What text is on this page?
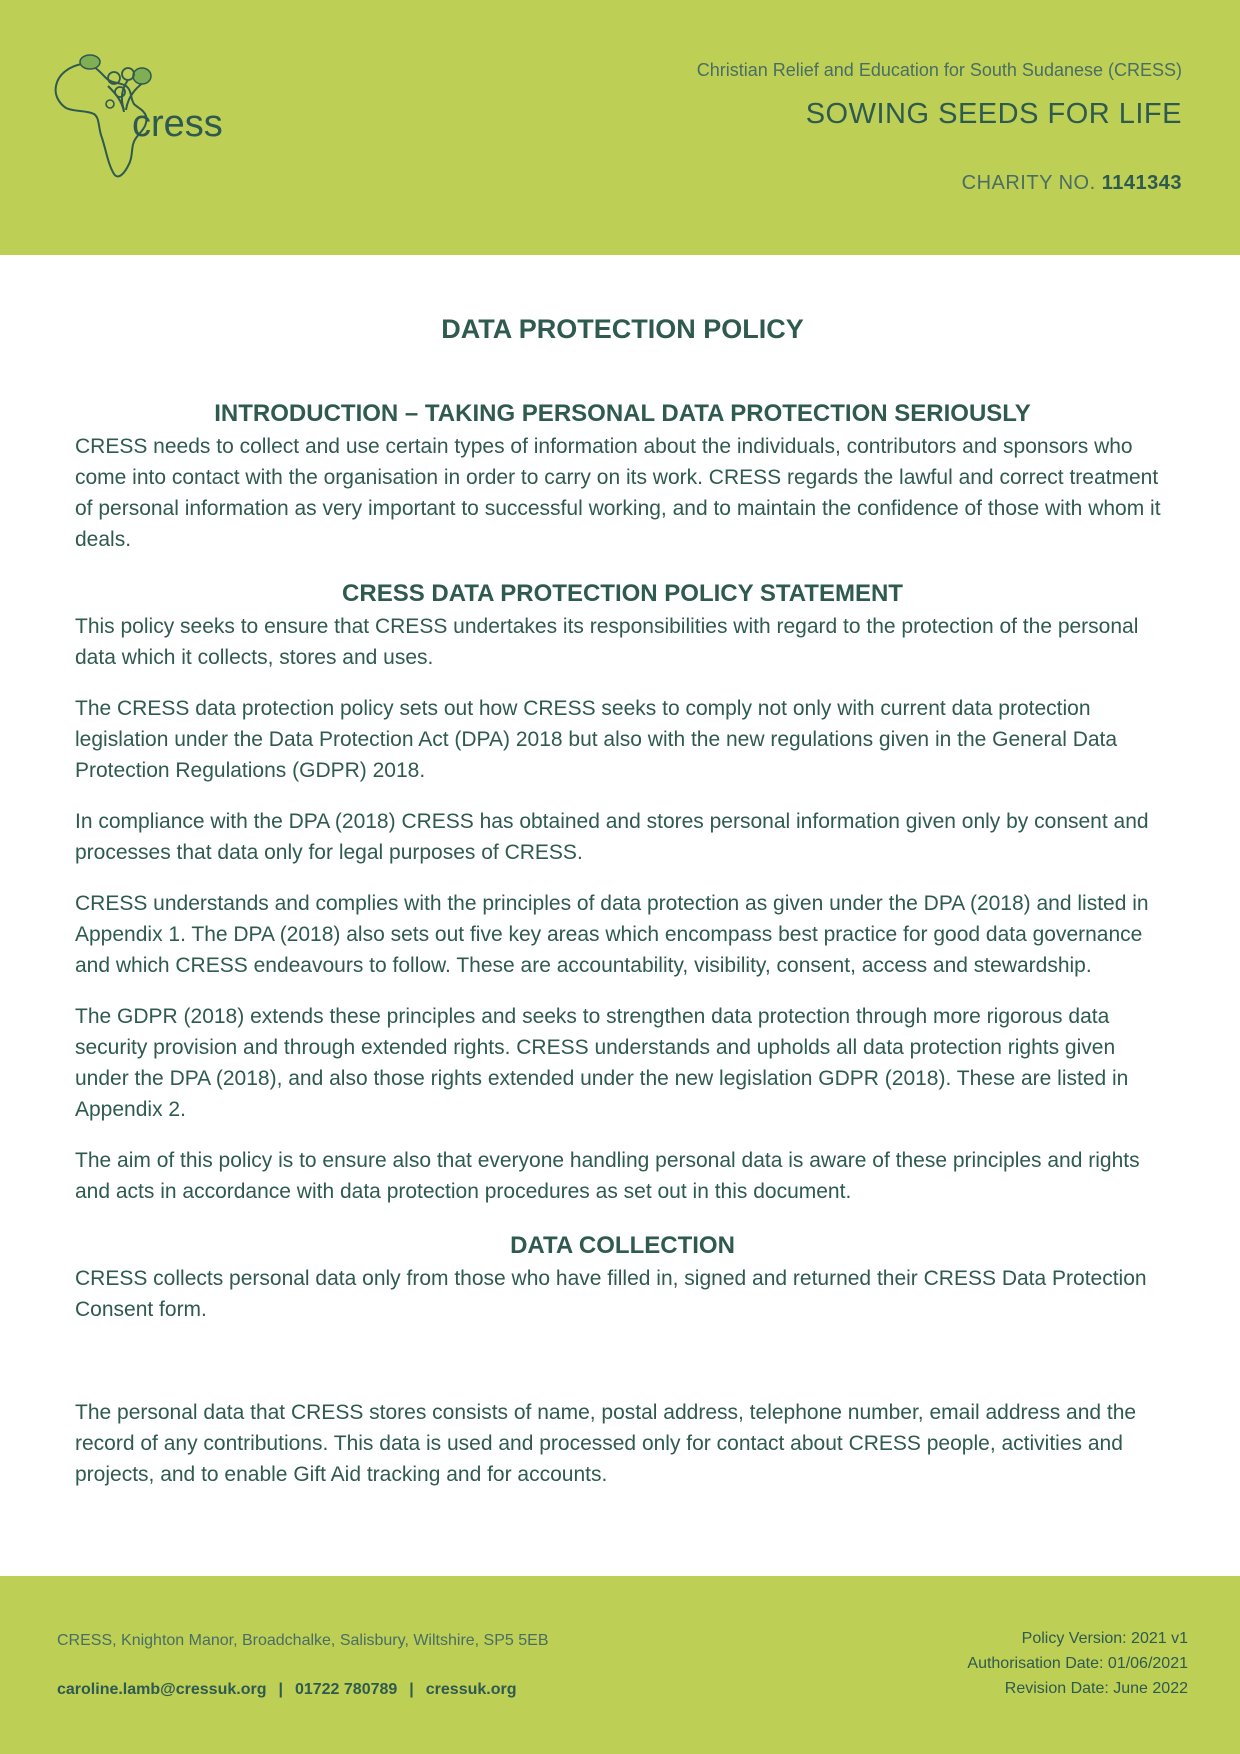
cress
Christian Relief and Education for South Sudanese (CRESS)
SOWING SEEDS FOR LIFE
CHARITY NO. 1141343
DATA PROTECTION POLICY
INTRODUCTION – TAKING PERSONAL DATA PROTECTION SERIOUSLY

CRESS needs to collect and use certain types of information about the individuals, contributors and sponsors who come into contact with the organisation in order to carry on its work. CRESS regards the lawful and correct treatment of personal information as very important to successful working, and to maintain the confidence of those with whom it deals.

CRESS DATA PROTECTION POLICY STATEMENT

This policy seeks to ensure that CRESS undertakes its responsibilities with regard to the protection of the personal data which it collects, stores and uses.

The CRESS data protection policy sets out how CRESS seeks to comply not only with current data protection legislation under the Data Protection Act (DPA) 2018 but also with the new regulations given in the General Data Protection Regulations (GDPR) 2018.

In compliance with the DPA (2018) CRESS has obtained and stores personal information given only by consent and processes that data only for legal purposes of CRESS.

CRESS understands and complies with the principles of data protection as given under the DPA (2018) and listed in Appendix 1. The DPA (2018) also sets out five key areas which encompass best practice for good data governance and which CRESS endeavours to follow. These are accountability, visibility, consent, access and stewardship.

The GDPR (2018) extends these principles and seeks to strengthen data protection through more rigorous data security provision and through extended rights. CRESS understands and upholds all data protection rights given under the DPA (2018), and also those rights extended under the new legislation GDPR (2018). These are listed in Appendix 2.

The aim of this policy is to ensure also that everyone handling personal data is aware of these principles and rights and acts in accordance with data protection procedures as set out in this document.

DATA COLLECTION

CRESS collects personal data only from those who have filled in, signed and returned their CRESS Data Protection Consent form.

The personal data that CRESS stores consists of name, postal address, telephone number, email address and the record of any contributions. This data is used and processed only for contact about CRESS people, activities and projects, and to enable Gift Aid tracking and for accounts.

CRESS, Knighton Manor, Broadchalke, Salisbury, Wiltshire, SP5 5EB
caroline.lamb@cressuk.org | 01722 780789 | cressuk.org
Policy Version: 2021 v1
Authorisation Date: 01/06/2021
Revision Date: June 2022
